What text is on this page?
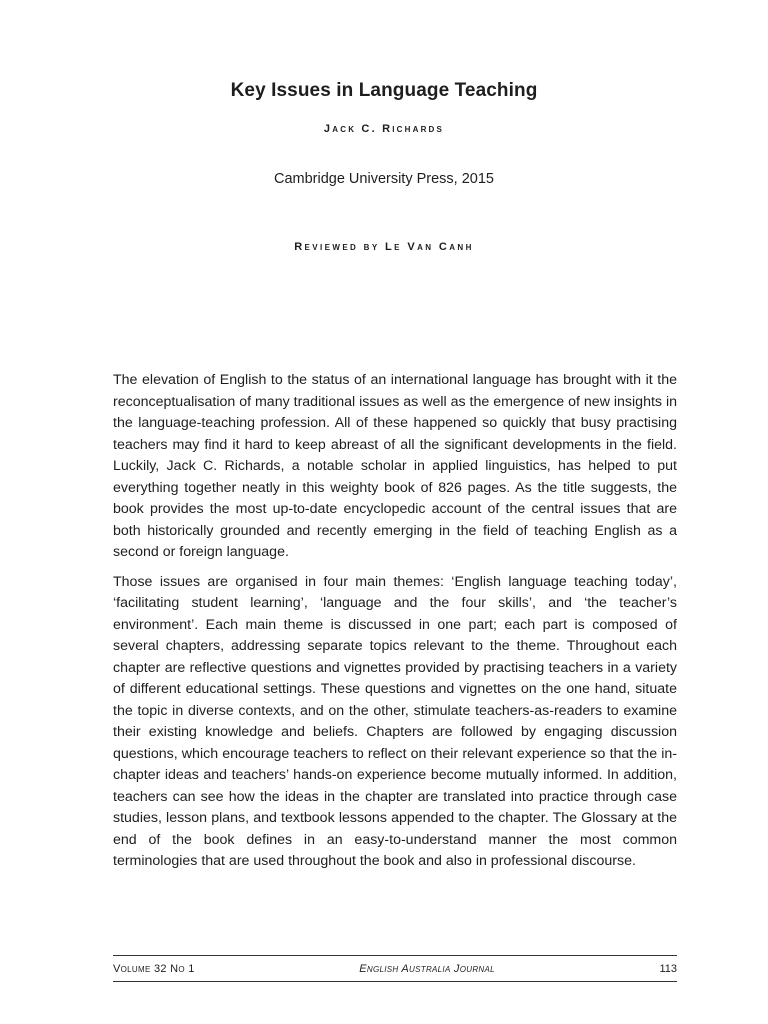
Key Issues in Language Teaching
Jack C. Richards
Cambridge University Press, 2015
Reviewed by Le Van Canh

The elevation of English to the status of an international language has brought with it the reconceptualisation of many traditional issues as well as the emergence of new insights in the language-teaching profession. All of these happened so quickly that busy practising teachers may find it hard to keep abreast of all the significant developments in the field. Luckily, Jack C. Richards, a notable scholar in applied linguistics, has helped to put everything together neatly in this weighty book of 826 pages. As the title suggests, the book provides the most up-to-date encyclopedic account of the central issues that are both historically grounded and recently emerging in the field of teaching English as a second or foreign language.

Those issues are organised in four main themes: ‘English language teaching today’, ‘facilitating student learning’, ‘language and the four skills’, and ‘the teacher’s environment’. Each main theme is discussed in one part; each part is composed of several chapters, addressing separate topics relevant to the theme. Throughout each chapter are reflective questions and vignettes provided by practising teachers in a variety of different educational settings. These questions and vignettes on the one hand, situate the topic in diverse contexts, and on the other, stimulate teachers-as-readers to examine their existing knowledge and beliefs. Chapters are followed by engaging discussion questions, which encourage teachers to reflect on their relevant experience so that the in-chapter ideas and teachers’ hands-on experience become mutually informed. In addition, teachers can see how the ideas in the chapter are translated into practice through case studies, lesson plans, and textbook lessons appended to the chapter. The Glossary at the end of the book defines in an easy-to-understand manner the most common terminologies that are used throughout the book and also in professional discourse.

Volume 32 No 1	English Australia Journal	113
